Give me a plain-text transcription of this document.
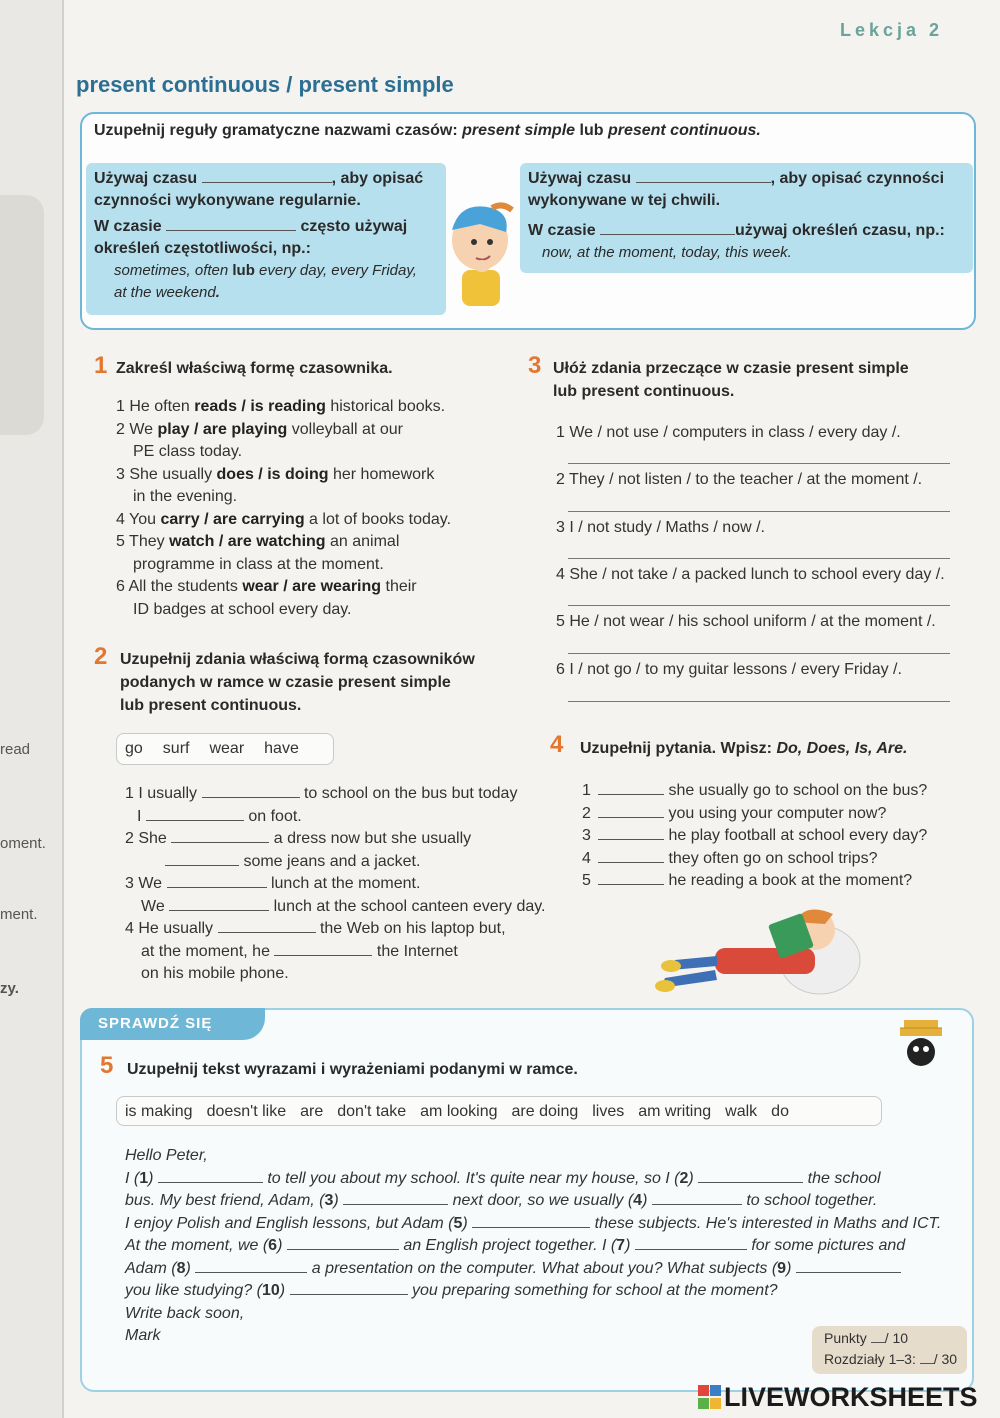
read
oment.
ment.
zy.
Lekcja 2
present continuous / present simple
Uzupełnij reguły gramatyczne nazwami czasów: present simple lub present continuous.
Używaj czasu	, aby opisać
czynności wykonywane regularnie.
W czasie	często używaj
określeń częstotliwości, np.:
sometimes, often lub every day, every Friday,
at the weekend.
Używaj czasu	, aby opisać czynności
wykonywane w tej chwili.
W czasie	używaj określeń czasu, np.:
now, at the moment, today, this week.
1 Zakreśl właściwą formę czasownika.
1 He often reads / is reading historical books.
2 We play / are playing volleyball at our
PE class today.
3 She usually does / is doing her homework
in the evening.
4 You carry / are carrying a lot of books today.
5 They watch / are watching an animal
programme in class at the moment.
6 All the students wear / are wearing their
ID badges at school every day.
2 Uzupełnij zdania właściwą formą czasowników
podanych w ramce w czasie present simple
lub present continuous.
go surf wear have
1 I usually	to school on the bus but today
I	on foot.
2 She	a dress now but she usually
some jeans and a jacket.
3 We	lunch at the moment.
We	lunch at the school canteen every day.
4 He usually	the Web on his laptop but,
at the moment, he	the Internet
on his mobile phone.
3 Ułóż zdania przeczące w czasie present simple
lub present continuous.
1 We / not use / computers in class / every day /.
2 They / not listen / to the teacher / at the moment /.
3 I / not study / Maths / now /.
4 She / not take / a packed lunch to school every day /.
5 He / not wear / his school uniform / at the moment /.
6 I / not go / to my guitar lessons / every Friday /.
4 Uzupełnij pytania. Wpisz: Do, Does, Is, Are.
1	she usually go to school on the bus?
2	you using your computer now?
3	he play football at school every day?
4	they often go on school trips?
5	he reading a book at the moment?
SPRAWDŹ SIĘ
5 Uzupełnij tekst wyrazami i wyrażeniami podanymi w ramce.
is making doesn't like are don't take am looking are doing lives am writing walk do
Hello Peter,
I (1)	to tell you about my school. It's quite near my house, so I (2)	the school
bus. My best friend, Adam, (3)	next door, so we usually (4)	to school together.
I enjoy Polish and English lessons, but Adam (5)	these subjects. He's interested in Maths and ICT.
At the moment, we (6)	an English project together. I (7)	for some pictures and
Adam (8)	a presentation on the computer. What about you? What subjects (9)
you like studying? (10)	you preparing something for school at the moment?
Write back soon,
Mark	Punkty / 10
Rozdziały 1–3: / 30
LIVEWORKSHEETS
